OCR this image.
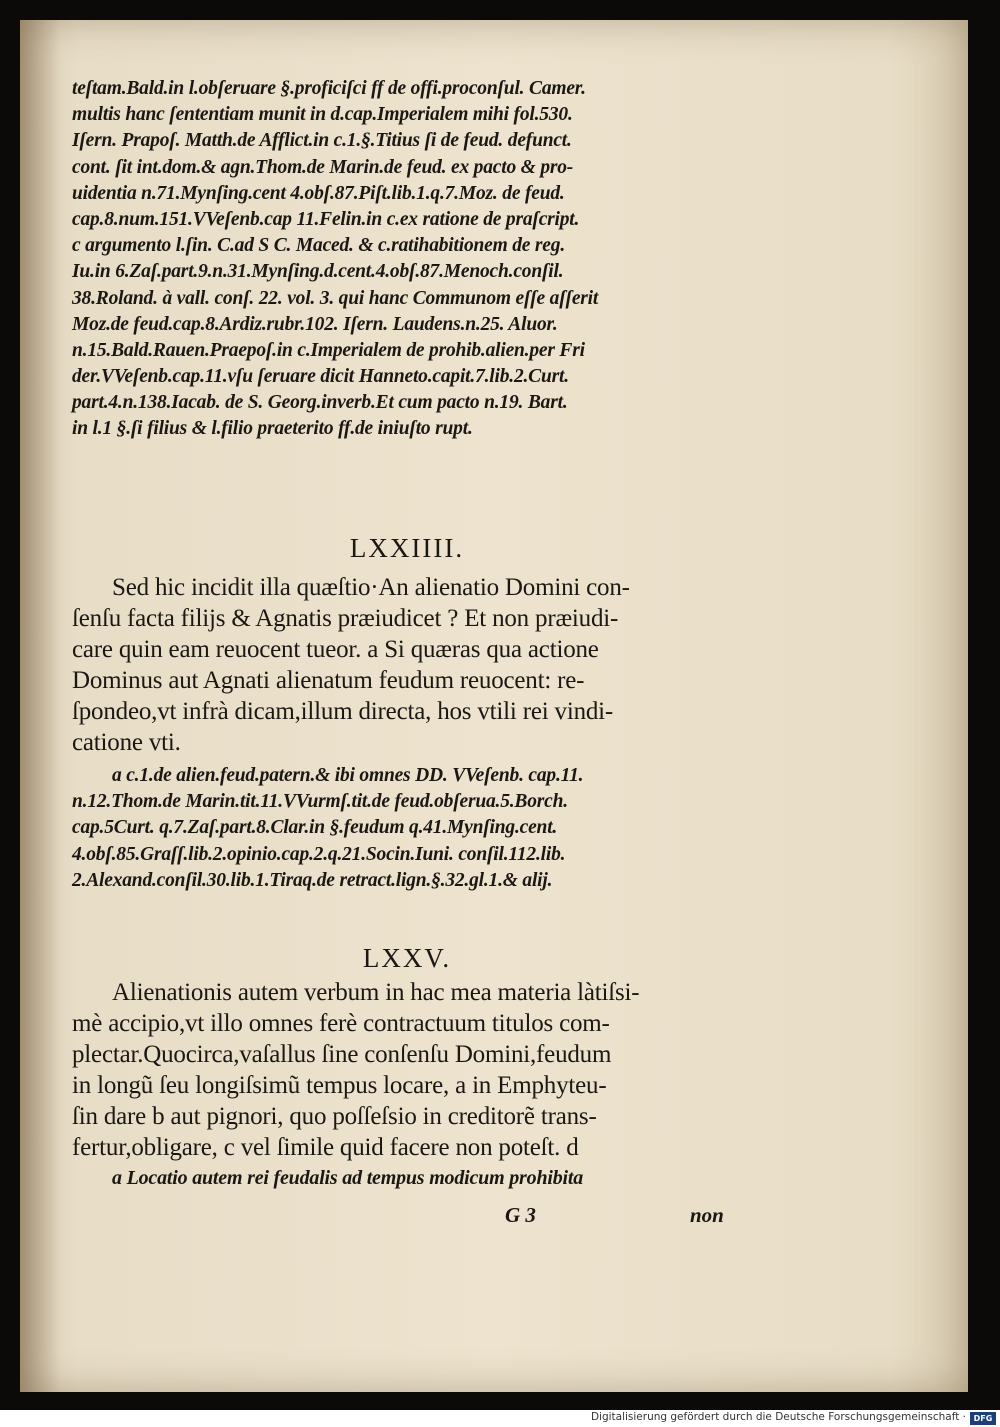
teſtam.Bald.in l.obſeruare §.proficiſci ff de offi.proconſul. Camer.
multis hanc ſententiam munit in d.cap.Imperialem mihi fol.530.
Iſern. Prapoſ. Matth.de Afflict.in c.1.§.Titius ſi de feud. defunct.
cont. ſit int.dom.& agn.Thom.de Marin.de feud. ex pacto & pro-
uidentia n.71.Mynſing.cent 4.obſ.87.Piſt.lib.1.q.7.Moz. de feud.
cap.8.num.151.VVeſenb.cap 11.Felin.in c.ex ratione de praſcript.
c argumento l.ſin. C.ad S C. Maced. & c.ratihabitionem de reg.
Iu.in 6.Zaſ.part.9.n.31.Mynſing.d.cent.4.obſ.87.Menoch.conſil.
38.Roland. à vall. conſ. 22. vol. 3. qui hanc Communom eſſe aſſerit
Moz.de feud.cap.8.Ardiz.rubr.102. Iſern. Laudens.n.25. Aluor.
n.15.Bald.Rauen.Praepoſ.in c.Imperialem de prohib.alien.per Fri
der.VVeſenb.cap.11.vſu ſeruare dicit Hanneto.capit.7.lib.2.Curt.
part.4.n.138.Iacab. de S. Georg.inverb.Et cum pacto n.19. Bart.
in l.1 §.ſi filius & l.filio praeterito ff.de iniuſto rupt.
LXXIIII.
Sed hic incidit illa quæſtio·An alienatio Domini con-
ſenſu facta filijs & Agnatis præiudicet ? Et non præiudi-
care quin eam reuocent tueor. a Si quæras qua actione
Dominus aut Agnati alienatum feudum reuocent: re-
ſpondeo,vt infrà dicam,illum directa, hos vtili rei vindi-
catione vti.
a c.1.de alien.feud.patern.& ibi omnes DD. VVeſenb. cap.11.
n.12.Thom.de Marin.tit.11.VVurmſ.tit.de feud.obſerua.5.Borch.
cap.5Curt. q.7.Zaſ.part.8.Clar.in §.feudum q.41.Mynſing.cent.
4.obſ.85.Graſſ.lib.2.opinio.cap.2.q.21.Socin.Iuni. conſil.112.lib.
2.Alexand.conſil.30.lib.1.Tiraq.de retract.lign.§.32.gl.1.& alij.
LXXV.
Alienationis autem verbum in hac mea materia làtiſsi-
mè accipio,vt illo omnes ferè contractuum titulos com-
plectar.Quocirca,vaſallus ſine conſenſu Domini,feudum
in longũ ſeu longiſsimũ tempus locare, a in Emphyteu-
ſin dare b aut pignori, quo poſſeſsio in creditorẽ trans-
fertur,obligare, c vel ſimile quid facere non poteſt. d
a Locatio autem rei feudalis ad tempus modicum prohibita
G 3	non
Digitalisierung gefördert durch die Deutsche Forschungsgemeinschaft · DFG
